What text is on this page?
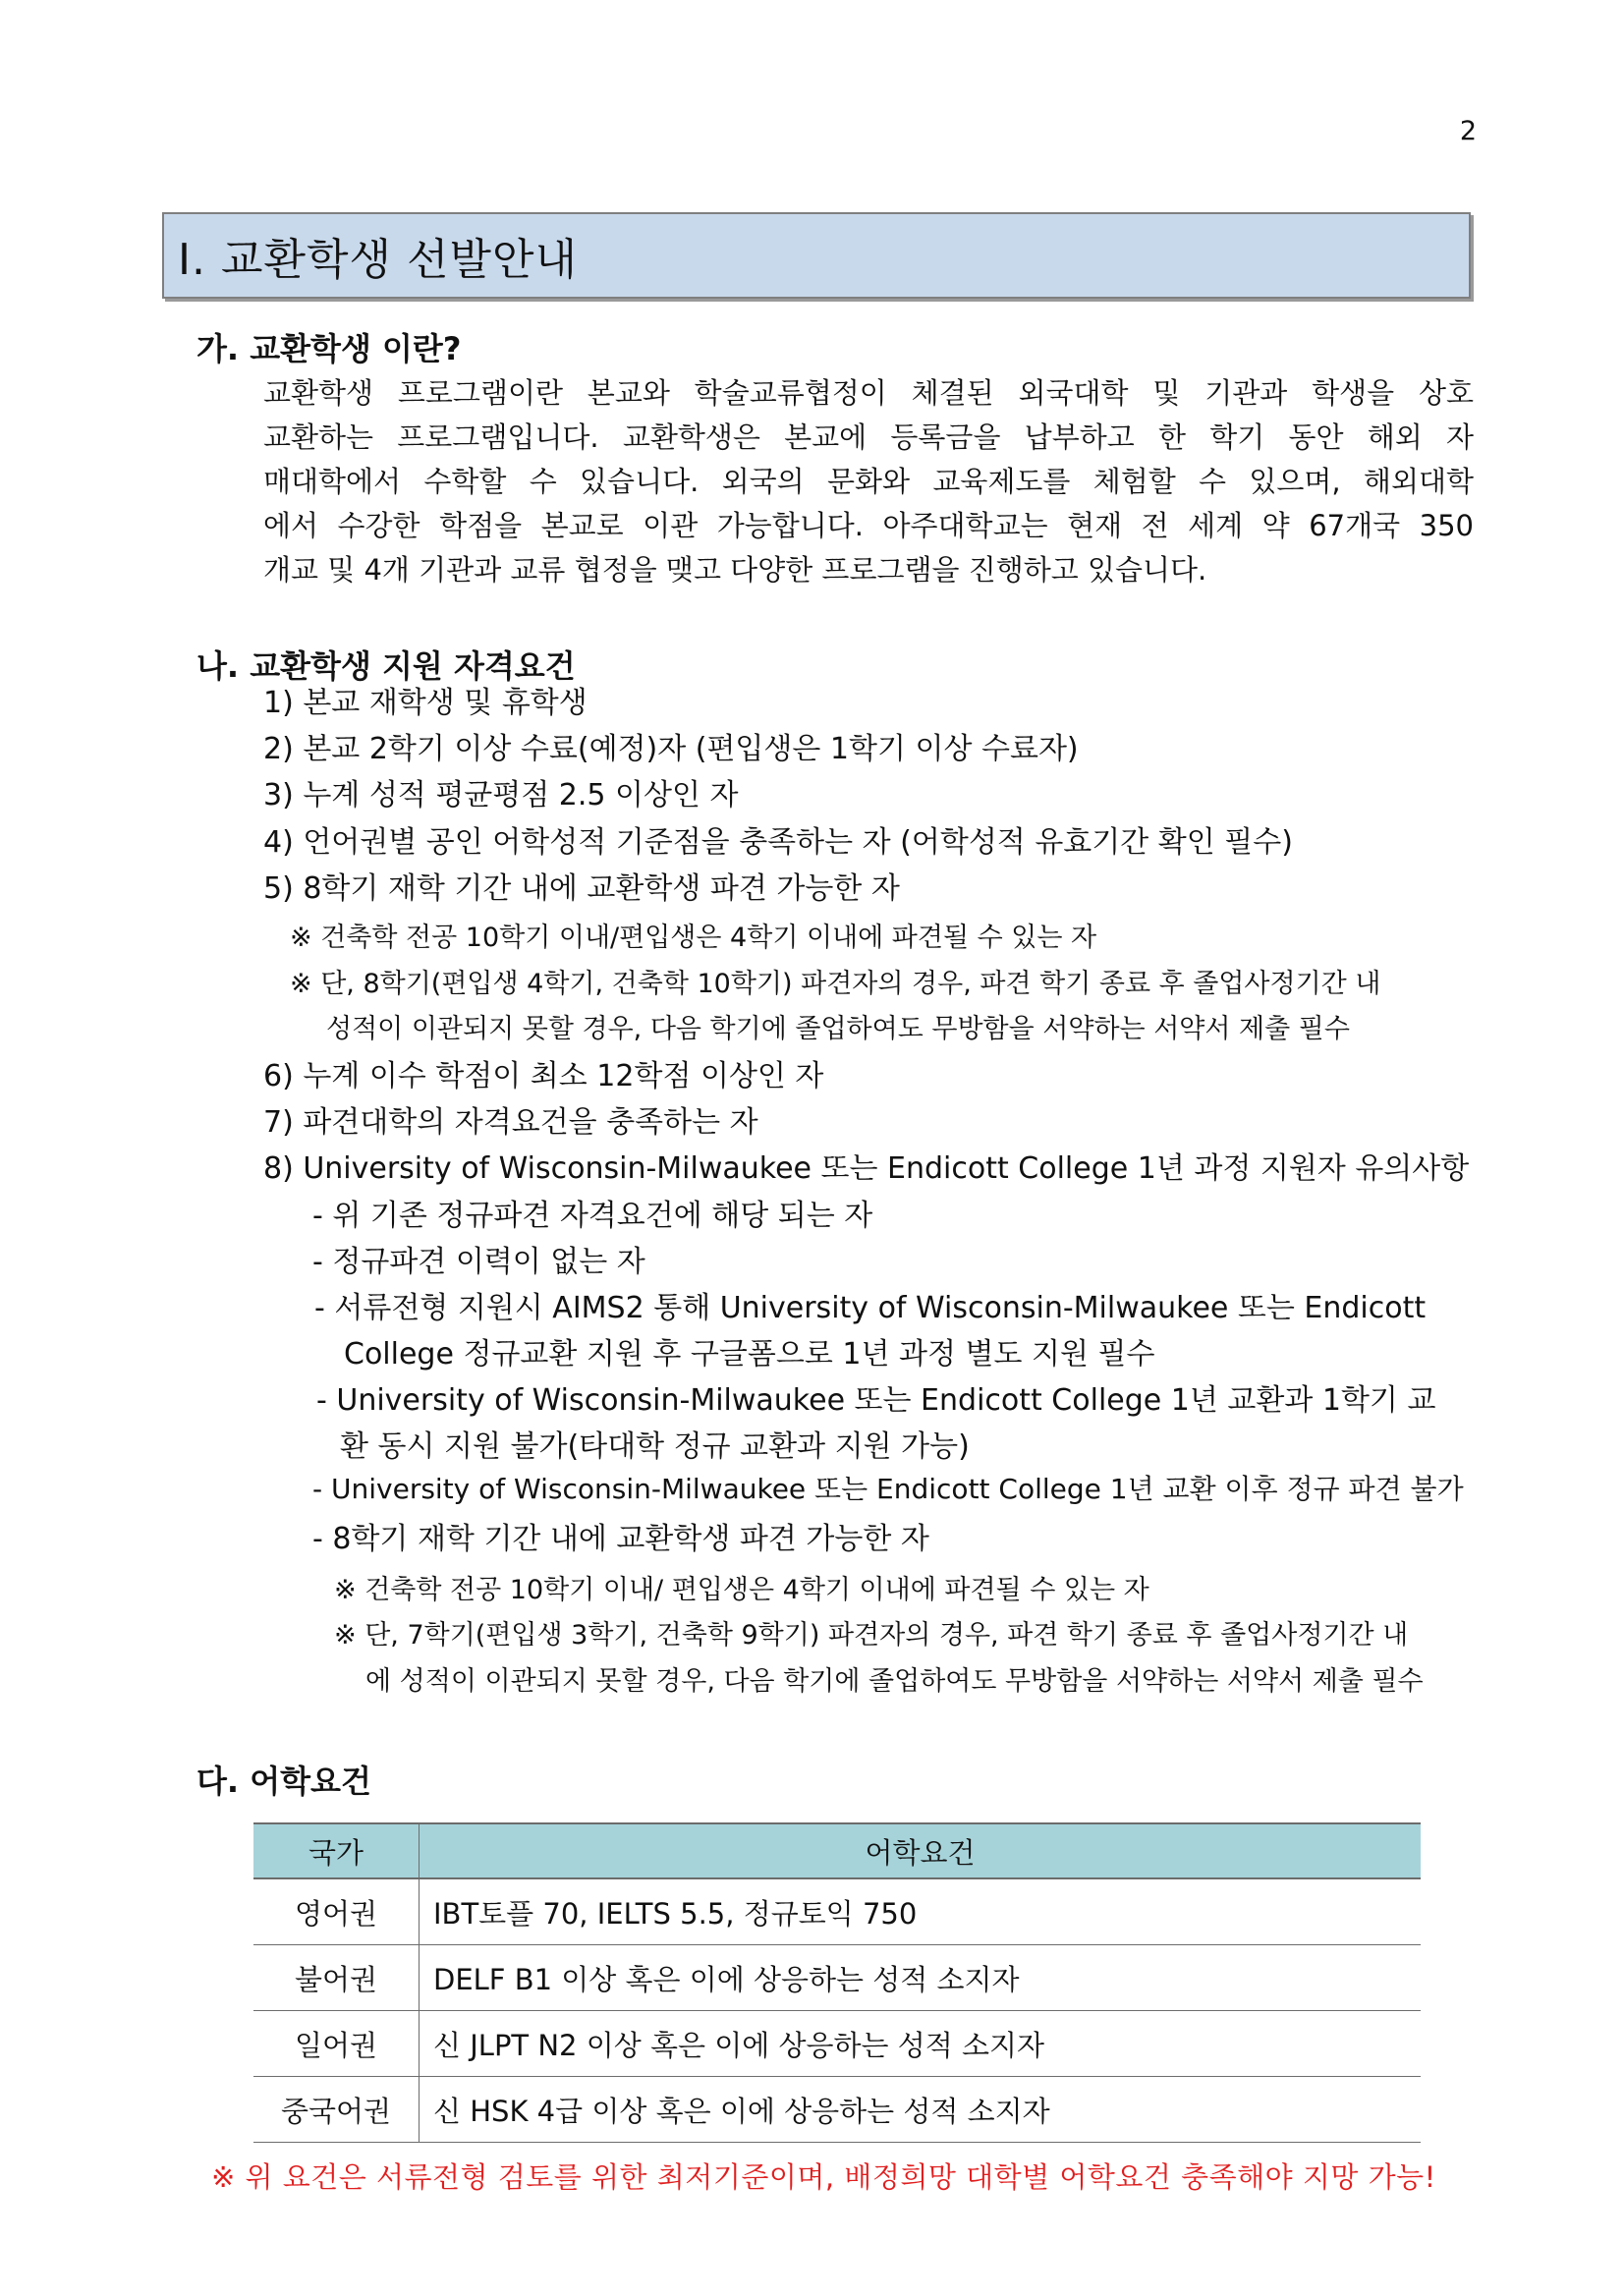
2
I. 교환학생 선발안내
가. 교환학생 이란?
교환학생 프로그램이란 본교와 학술교류협정이 체결된 외국대학 및 기관과 학생을 상호
교환하는 프로그램입니다. 교환학생은 본교에 등록금을 납부하고 한 학기 동안 해외 자
매대학에서 수학할 수 있습니다. 외국의 문화와 교육제도를 체험할 수 있으며, 해외대학
에서 수강한 학점을 본교로 이관 가능합니다. 아주대학교는 현재 전 세계 약 67개국 350
개교 및 4개 기관과 교류 협정을 맺고 다양한 프로그램을 진행하고 있습니다.
나. 교환학생 지원 자격요건
1) 본교 재학생 및 휴학생
2) 본교 2학기 이상 수료(예정)자 (편입생은 1학기 이상 수료자)
3) 누계 성적 평균평점 2.5 이상인 자
4) 언어권별 공인 어학성적 기준점을 충족하는 자 (어학성적 유효기간 확인 필수)
5) 8학기 재학 기간 내에 교환학생 파견 가능한 자
※ 건축학 전공 10학기 이내/편입생은 4학기 이내에 파견될 수 있는 자
※ 단, 8학기(편입생 4학기, 건축학 10학기) 파견자의 경우, 파견 학기 종료 후 졸업사정기간 내
성적이 이관되지 못할 경우, 다음 학기에 졸업하여도 무방함을 서약하는 서약서 제출 필수
6) 누계 이수 학점이 최소 12학점 이상인 자
7) 파견대학의 자격요건을 충족하는 자
8) University of Wisconsin-Milwaukee 또는 Endicott College 1년 과정 지원자 유의사항
- 위 기존 정규파견 자격요건에 해당 되는 자
- 정규파견 이력이 없는 자
- 서류전형 지원시 AIMS2 통해 University of Wisconsin-Milwaukee 또는 Endicott
College 정규교환 지원 후 구글폼으로 1년 과정 별도 지원 필수
- University of Wisconsin-Milwaukee 또는 Endicott College 1년 교환과 1학기 교
환 동시 지원 불가(타대학 정규 교환과 지원 가능)
- University of Wisconsin-Milwaukee 또는 Endicott College 1년 교환 이후 정규 파견 불가
- 8학기 재학 기간 내에 교환학생 파견 가능한 자
※ 건축학 전공 10학기 이내/ 편입생은 4학기 이내에 파견될 수 있는 자
※ 단, 7학기(편입생 3학기, 건축학 9학기) 파견자의 경우, 파견 학기 종료 후 졸업사정기간 내
에 성적이 이관되지 못할 경우, 다음 학기에 졸업하여도 무방함을 서약하는 서약서 제출 필수
다. 어학요건
국가	어학요건
영어권	IBT토플 70, IELTS 5.5, 정규토익 750
불어권	DELF B1 이상 혹은 이에 상응하는 성적 소지자
일어권	신 JLPT N2 이상 혹은 이에 상응하는 성적 소지자
중국어권	신 HSK 4급 이상 혹은 이에 상응하는 성적 소지자
※ 위 요건은 서류전형 검토를 위한 최저기준이며, 배정희망 대학별 어학요건 충족해야 지망 가능!
